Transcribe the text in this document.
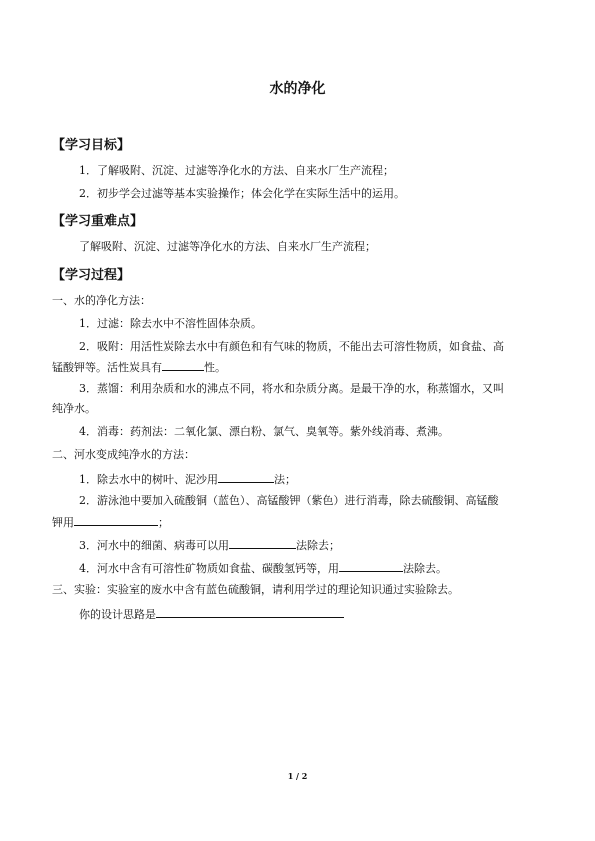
水的净化
【学习目标】
1．了解吸附、沉淀、过滤等净化水的方法、自来水厂生产流程；
2．初步学会过滤等基本实验操作；体会化学在实际生活中的运用。
【学习重难点】
了解吸附、沉淀、过滤等净化水的方法、自来水厂生产流程；
【学习过程】
一、水的净化方法：
1．过滤：除去水中不溶性固体杂质。
2．吸附：用活性炭除去水中有颜色和有气味的物质，不能出去可溶性物质，如食盐、高
锰酸钾等。活性炭具有	性。
3．蒸馏：利用杂质和水的沸点不同，将水和杂质分离。是最干净的水，称蒸馏水，又叫
纯净水。
4．消毒：药剂法：二氧化氯、漂白粉、氯气、臭氧等。紫外线消毒、煮沸。
二、河水变成纯净水的方法：
1．除去水中的树叶、泥沙用	法；
2．游泳池中要加入硫酸铜（蓝色）、高锰酸钾（紫色）进行消毒，除去硫酸铜、高锰酸
钾用	；
3．河水中的细菌、病毒可以用	法除去；
4．河水中含有可溶性矿物质如食盐、碳酸氢钙等，用	法除去。
三、实验：实验室的废水中含有蓝色硫酸铜，请利用学过的理论知识通过实验除去。
你的设计思路是
1 / 2
